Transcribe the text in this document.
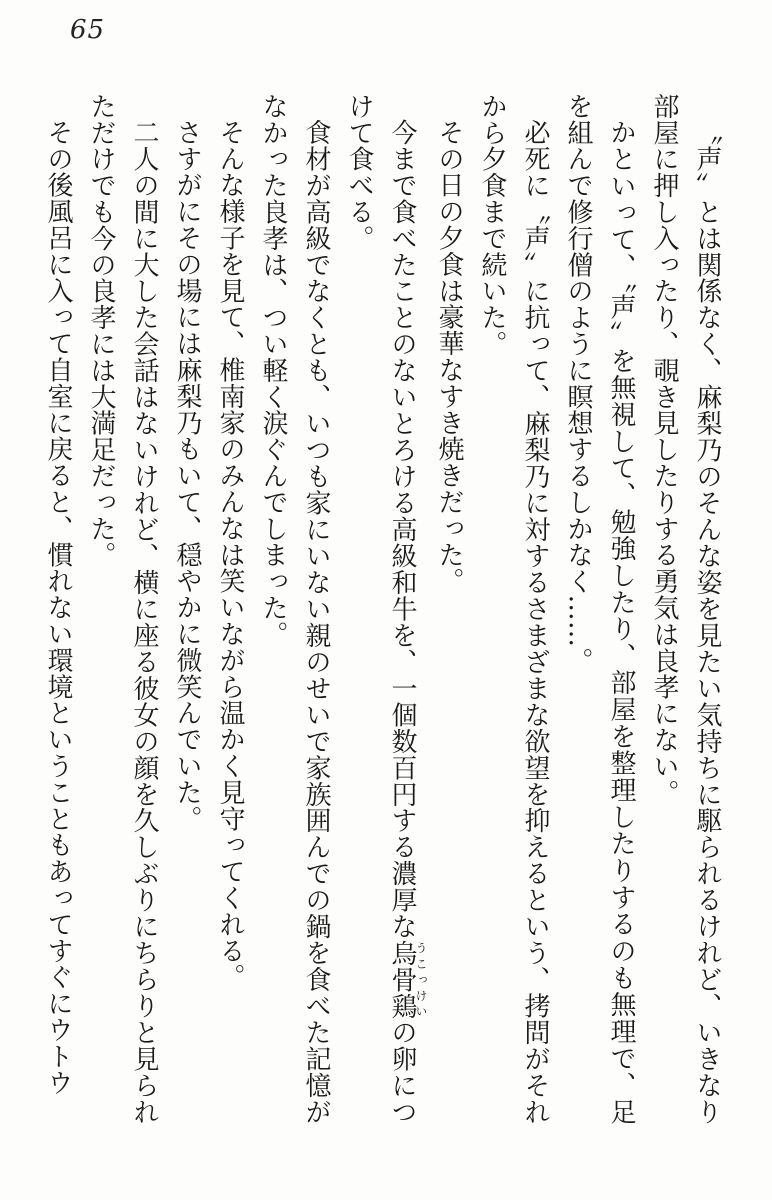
65

〝声〟とは関係なく、麻梨乃のそんな姿を見たい気持ちに駆られるけれど、いきなり部屋に押し入ったり、覗き見したりする勇気は良孝にない。

かといって、〝声〟を無視して、勉強したり、部屋を整理したりするのも無理で、足を組んで修行僧のように瞑想するしかなく……。

必死に〝声〟に抗って、麻梨乃に対するさまざまな欲望を抑えるという、拷問がそれから夕食まで続いた。

その日の夕食は豪華なすき焼きだった。

今まで食べたことのないとろける高級和牛を、一個数百円する濃厚な烏骨鶏うこっけいの卵につけて食べる。

食材が高級でなくとも、いつも家にいない親のせいで家族囲んでの鍋を食べた記憶がなかった良孝は、つい軽く涙ぐんでしまった。

そんな様子を見て、椎南家のみんなは笑いながら温かく見守ってくれる。

さすがにその場には麻梨乃もいて、穏やかに微笑んでいた。

二人の間に大した会話はないけれど、横に座る彼女の顔を久しぶりにちらりと見られただけでも今の良孝には大満足だった。

その後風呂に入って自室に戻ると、慣れない環境ということもあってすぐにウトウ
